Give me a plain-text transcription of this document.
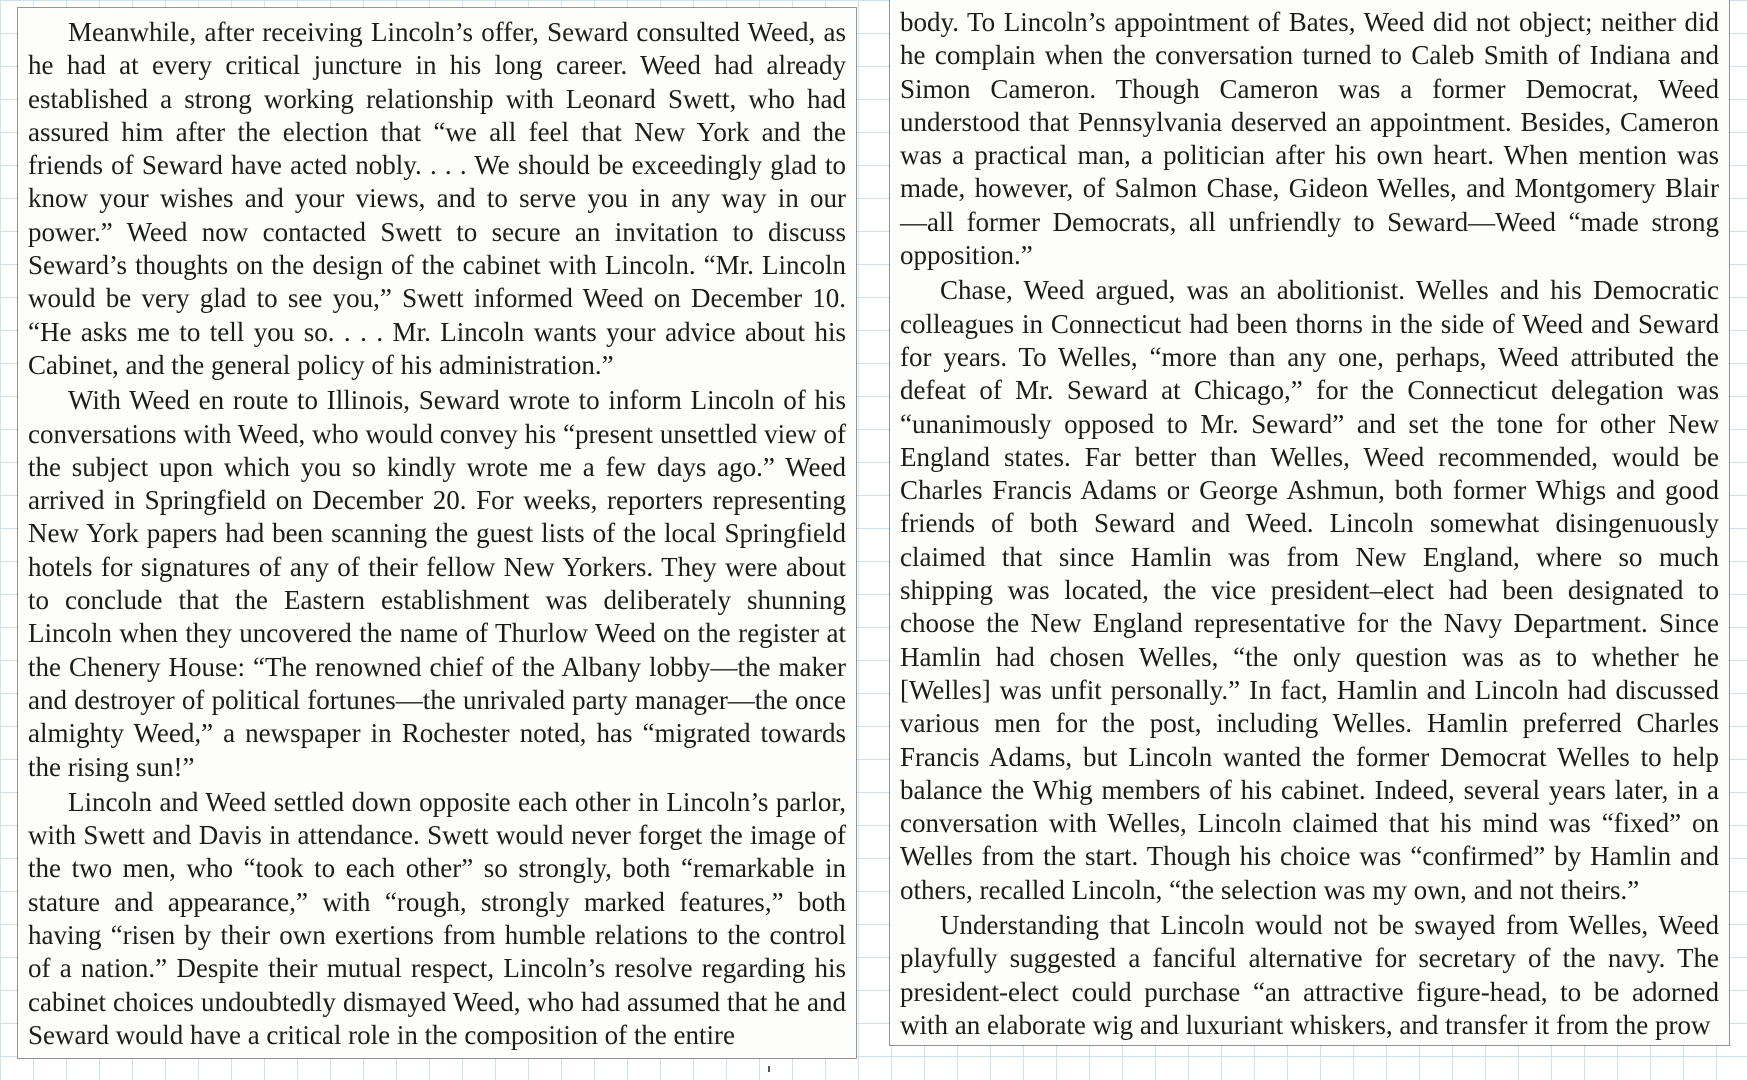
Meanwhile, after receiving Lincoln’s offer, Seward consulted Weed, as he had at every critical juncture in his long career. Weed had already established a strong working relationship with Leonard Swett, who had assured him after the election that “we all feel that New York and the friends of Seward have acted nobly. . . . We should be exceedingly glad to know your wishes and your views, and to serve you in any way in our power.” Weed now contacted Swett to secure an invitation to discuss Seward’s thoughts on the design of the cabinet with Lincoln. “Mr. Lincoln would be very glad to see you,” Swett informed Weed on December 10. “He asks me to tell you so. . . . Mr. Lincoln wants your advice about his Cabinet, and the general policy of his administration.”

With Weed en route to Illinois, Seward wrote to inform Lincoln of his conversations with Weed, who would convey his “present unsettled view of the subject upon which you so kindly wrote me a few days ago.” Weed arrived in Springfield on December 20. For weeks, reporters representing New York papers had been scanning the guest lists of the local Springfield hotels for signatures of any of their fellow New Yorkers. They were about to conclude that the Eastern establishment was deliberately shunning Lincoln when they uncovered the name of Thurlow Weed on the register at the Chenery House: “The renowned chief of the Albany lobby—the maker and destroyer of political fortunes—the unrivaled party manager—the once almighty Weed,” a newspaper in Rochester noted, has “migrated towards the rising sun!”

Lincoln and Weed settled down opposite each other in Lincoln’s parlor, with Swett and Davis in attendance. Swett would never forget the image of the two men, who “took to each other” so strongly, both “remarkable in stature and appearance,” with “rough, strongly marked features,” both having “risen by their own exertions from humble relations to the control of a nation.” Despite their mutual respect, Lincoln’s resolve regarding his cabinet choices undoubtedly dismayed Weed, who had assumed that he and Seward would have a critical role in the composition of the entire

body. To Lincoln’s appointment of Bates, Weed did not object; neither did he complain when the conversation turned to Caleb Smith of Indiana and Simon Cameron. Though Cameron was a former Democrat, Weed understood that Pennsylvania deserved an appointment. Besides, Cameron was a practical man, a politician after his own heart. When mention was made, however, of Salmon Chase, Gideon Welles, and Montgomery Blair—all former Democrats, all unfriendly to Seward—Weed “made strong opposition.”

Chase, Weed argued, was an abolitionist. Welles and his Democratic colleagues in Connecticut had been thorns in the side of Weed and Seward for years. To Welles, “more than any one, perhaps, Weed attributed the defeat of Mr. Seward at Chicago,” for the Connecticut delegation was “unanimously opposed to Mr. Seward” and set the tone for other New England states. Far better than Welles, Weed recommended, would be Charles Francis Adams or George Ashmun, both former Whigs and good friends of both Seward and Weed. Lincoln somewhat disingenuously claimed that since Hamlin was from New England, where so much shipping was located, the vice president–elect had been designated to choose the New England representative for the Navy Department. Since Hamlin had chosen Welles, “the only question was as to whether he [Welles] was unfit personally.” In fact, Hamlin and Lincoln had discussed various men for the post, including Welles. Hamlin preferred Charles Francis Adams, but Lincoln wanted the former Democrat Welles to help balance the Whig members of his cabinet. Indeed, several years later, in a conversation with Welles, Lincoln claimed that his mind was “fixed” on Welles from the start. Though his choice was “confirmed” by Hamlin and others, recalled Lincoln, “the selection was my own, and not theirs.”

Understanding that Lincoln would not be swayed from Welles, Weed playfully suggested a fanciful alternative for secretary of the navy. The president-elect could purchase “an attractive figure-head, to be adorned with an elaborate wig and luxuriant whiskers, and transfer it from the prow
